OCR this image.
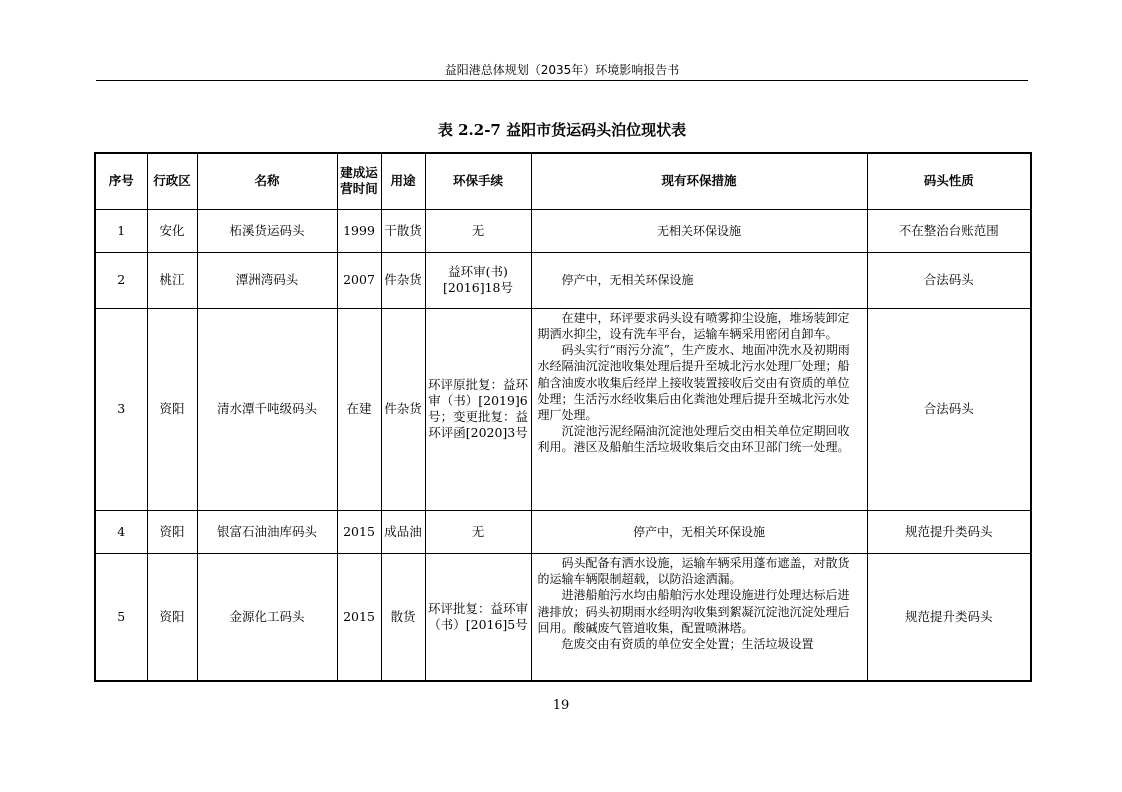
益阳港总体规划（2035年）环境影响报告书
表 2.2-7 益阳市货运码头泊位现状表
序号	行政区	名称	建成运营时间	用途	环保手续	现有环保措施	码头性质
1	安化	柘溪货运码头	1999	干散货	无	无相关环保设施	不在整治台账范围
2	桃江	潭洲湾码头	2007	件杂货	益环审(书)[2016]18号	停产中，无相关环保设施	合法码头
3	资阳	清水潭千吨级码头	在建	件杂货	环评原批复：益环审（书）[2019]6号；变更批复：益环评函[2020]3号	在建中，环评要求码头设有喷雾抑尘设施，堆场装卸定期洒水抑尘，设有洗车平台，运输车辆采用密闭自卸车。

码头实行“雨污分流”，生产废水、地面冲洗水及初期雨水经隔油沉淀池收集处理后提升至城北污水处理厂处理；船舶含油废水收集后经岸上接收装置接收后交由有资质的单位处理；生活污水经收集后由化粪池处理后提升至城北污水处理厂处理。

沉淀池污泥经隔油沉淀池处理后交由相关单位定期回收利用。港区及船舶生活垃圾收集后交由环卫部门统一处理。	合法码头
4	资阳	银富石油油库码头	2015	成品油	无	停产中，无相关环保设施	规范提升类码头
5	资阳	金源化工码头	2015	散货	环评批复：益环审（书）[2016]5号	码头配备有洒水设施，运输车辆采用蓬布遮盖，对散货的运输车辆限制超载，以防沿途洒漏。

进港船舶污水均由船舶污水处理设施进行处理达标后进港排放；码头初期雨水经明沟收集到絮凝沉淀池沉淀处理后回用。酸碱废气管道收集，配置喷淋塔。

危废交由有资质的单位安全处置；生活垃圾设置	规范提升类码头
19
